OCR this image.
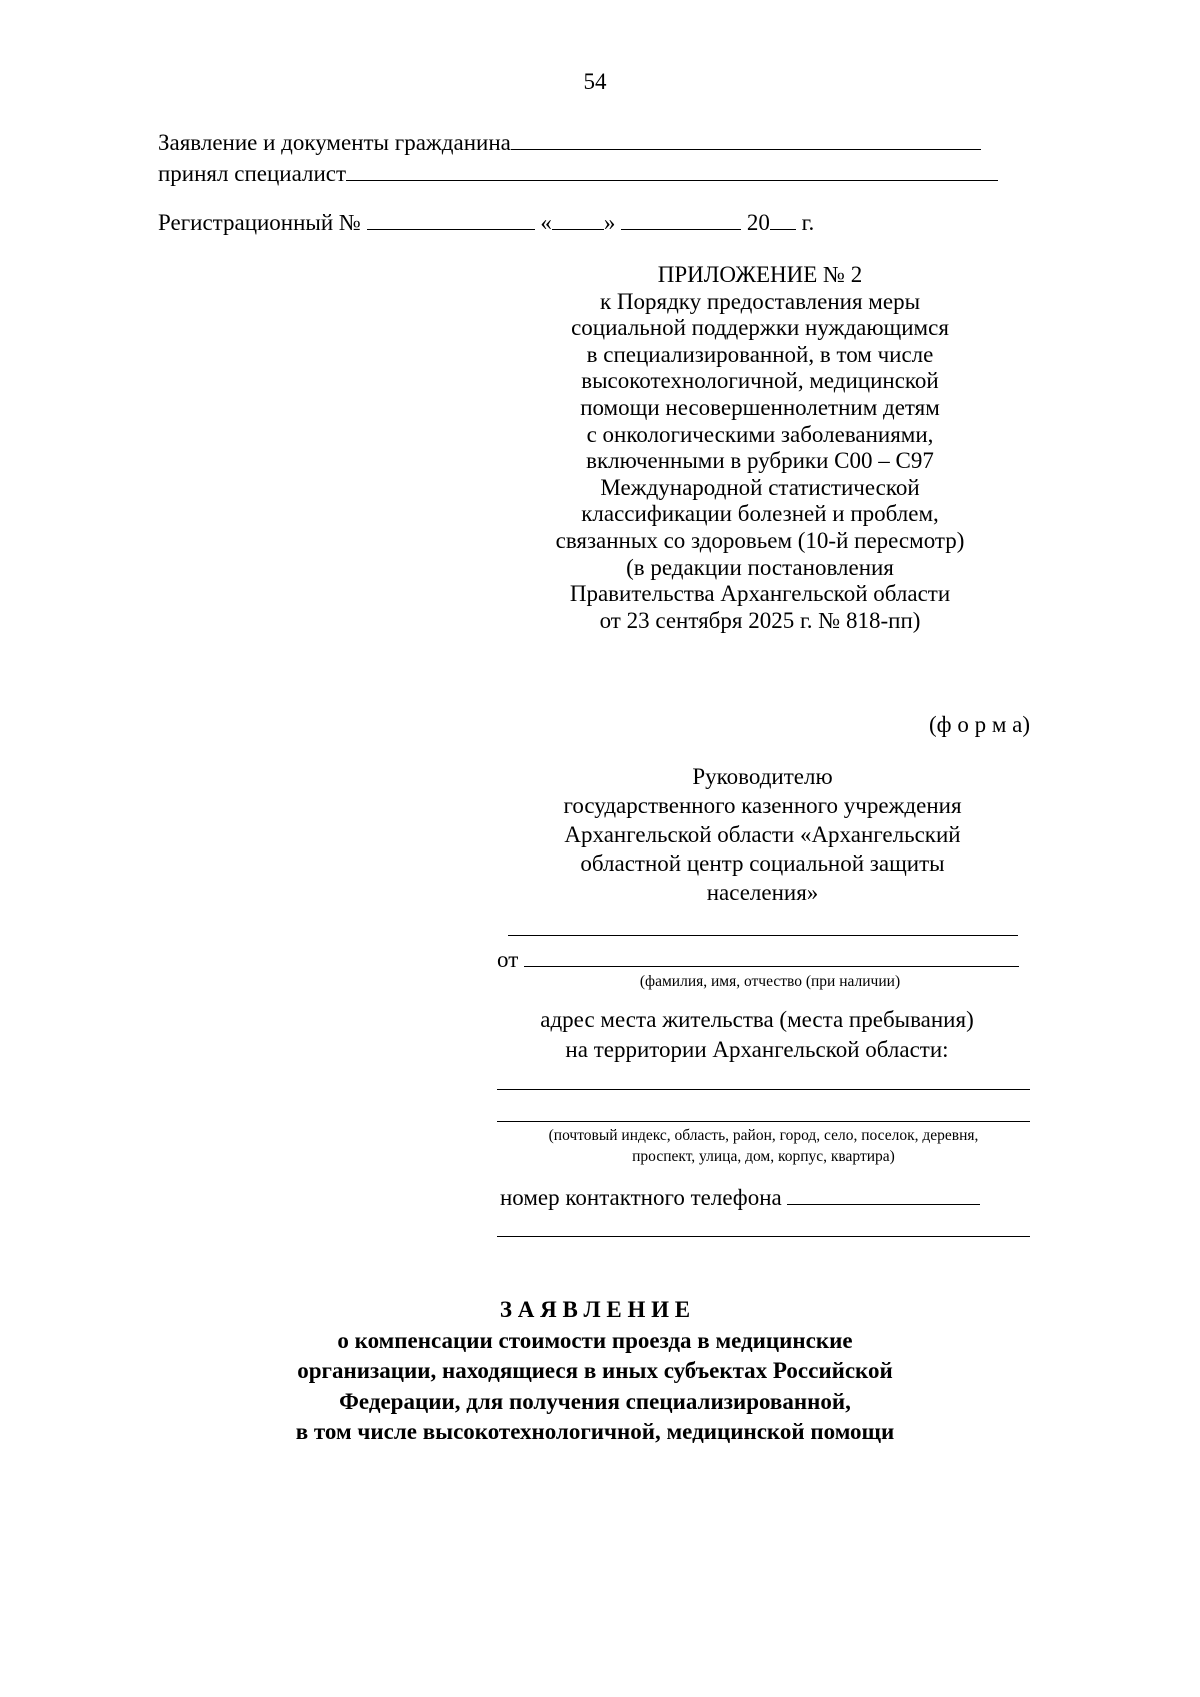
54
Заявление и документы гражданина
принял специалист
Регистрационный №	« »	20 г.
ПРИЛОЖЕНИЕ № 2
к Порядку предоставления меры
социальной поддержки нуждающимся
в специализированной, в том числе
высокотехнологичной, медицинской
помощи несовершеннолетним детям
с онкологическими заболеваниями,
включенными в рубрики С00 – С97
Международной статистической
классификации болезней и проблем,
связанных со здоровьем (10-й пересмотр)
(в редакции постановления
Правительства Архангельской области
от 23 сентября 2025 г. № 818-пп)
(ф о р м а)
Руководителю
государственного казенного учреждения
Архангельской области «Архангельский
областной центр социальной защиты
населения»
от
(фамилия, имя, отчество (при наличии)
адрес места жительства (места пребывания)
на территории Архангельской области:
(почтовый индекс, область, район, город, село, поселок, деревня,
проспект, улица, дом, корпус, квартира)
номер контактного телефона
З А Я В Л Е Н И Е
о компенсации стоимости проезда в медицинские
организации, находящиеся в иных субъектах Российской
Федерации, для получения специализированной,
в том числе высокотехнологичной, медицинской помощи
